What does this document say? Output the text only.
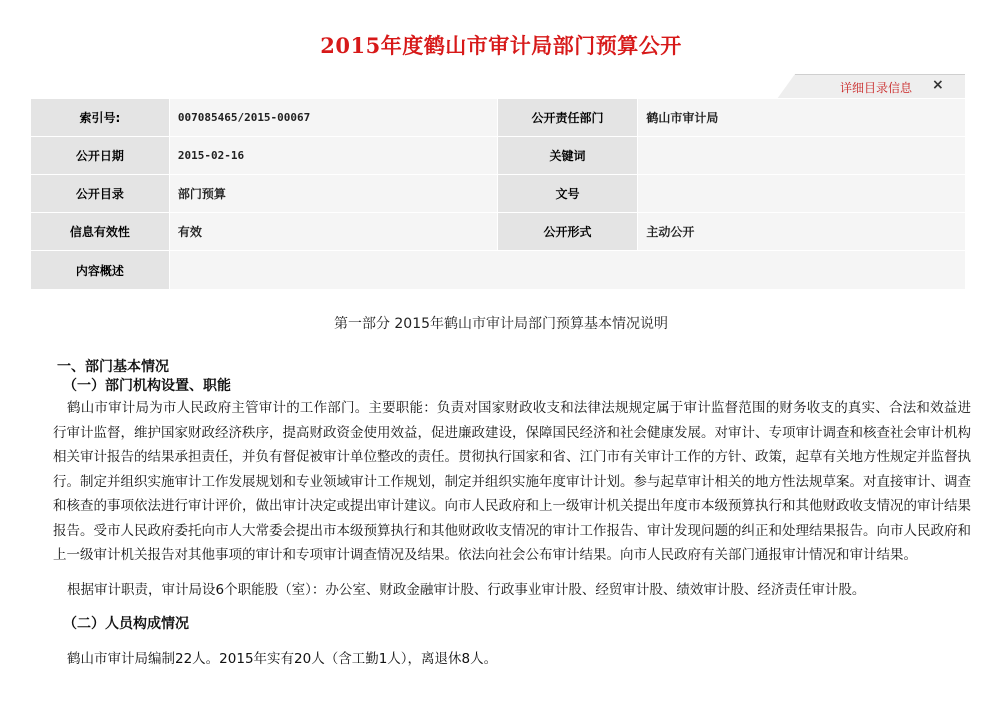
2015年度鹤山市审计局部门预算公开
详细目录信息 ×
索引号:	007085465/2015-00067	公开责任部门	鹤山市审计局
公开日期	2015-02-16	关键词	
公开目录	部门预算	文号	
信息有效性	有效	公开形式	主动公开
内容概述			
第一部分 2015年鹤山市审计局部门预算基本情况说明
一、部门基本情况
（一）部门机构设置、职能
鹤山市审计局为市人民政府主管审计的工作部门。主要职能：负责对国家财政收支和法律法规规定属于审计监督范围的财务收支的真实、合法和效益进行审计监督，维护国家财政经济秩序，提高财政资金使用效益，促进廉政建设，保障国民经济和社会健康发展。对审计、专项审计调查和核查社会审计机构相关审计报告的结果承担责任，并负有督促被审计单位整改的责任。贯彻执行国家和省、江门市有关审计工作的方针、政策，起草有关地方性规定并监督执行。制定并组织实施审计工作发展规划和专业领域审计工作规划，制定并组织实施年度审计计划。参与起草审计相关的地方性法规草案。对直接审计、调查和核查的事项依法进行审计评价，做出审计决定或提出审计建议。向市人民政府和上一级审计机关提出年度市本级预算执行和其他财政收支情况的审计结果报告。受市人民政府委托向市人大常委会提出市本级预算执行和其他财政收支情况的审计工作报告、审计发现问题的纠正和处理结果报告。向市人民政府和上一级审计机关报告对其他事项的审计和专项审计调查情况及结果。依法向社会公布审计结果。向市人民政府有关部门通报审计情况和审计结果。
根据审计职责，审计局设6个职能股（室）：办公室、财政金融审计股、行政事业审计股、经贸审计股、绩效审计股、经济责任审计股。
（二）人员构成情况
鹤山市审计局编制22人。2015年实有20人（含工勤1人），离退休8人。
